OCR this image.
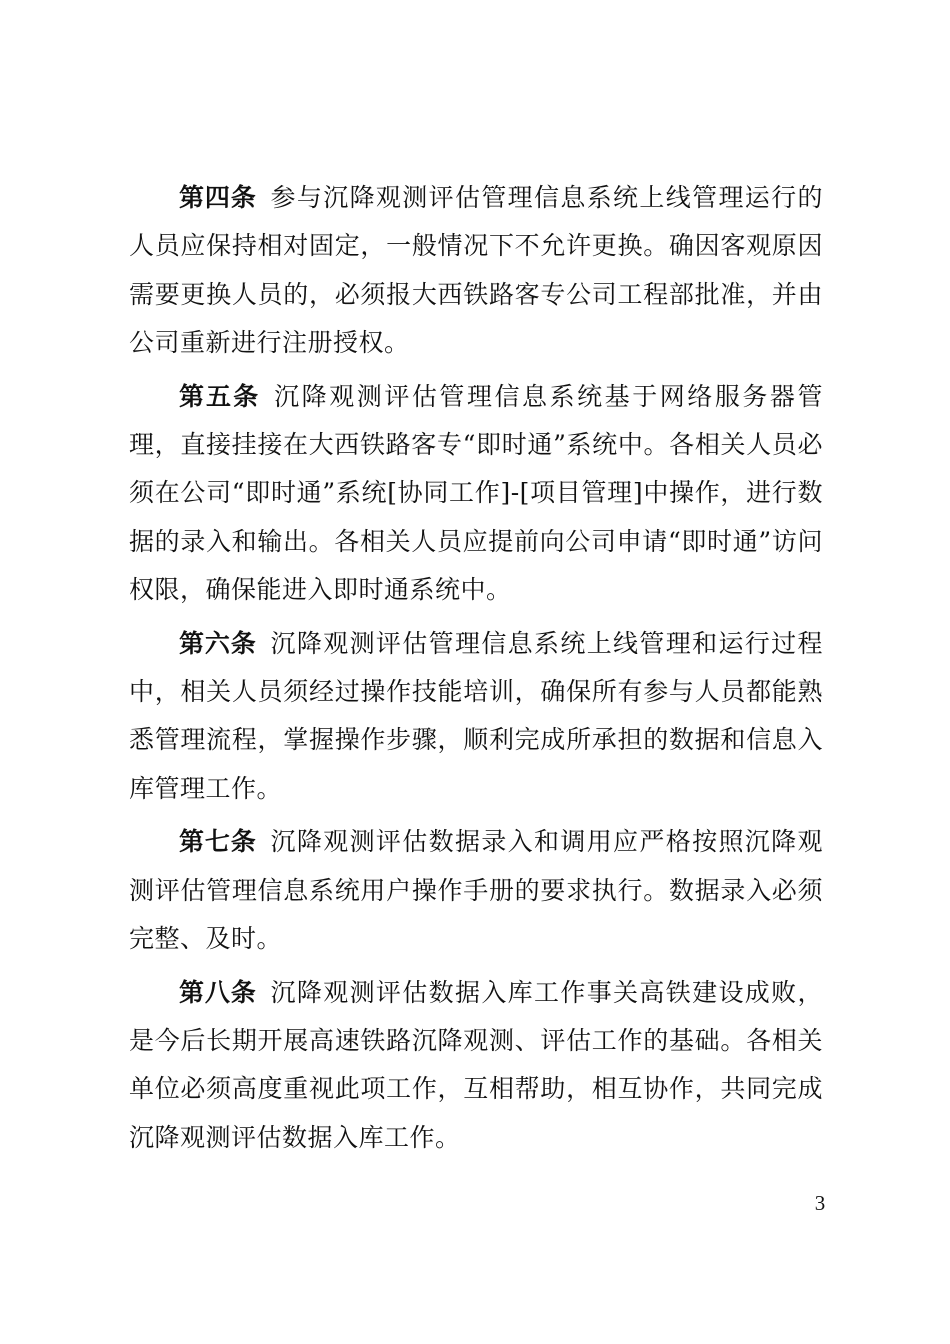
第四条 参与沉降观测评估管理信息系统上线管理运行的人员应保持相对固定，一般情况下不允许更换。确因客观原因需要更换人员的，必须报大西铁路客专公司工程部批准，并由公司重新进行注册授权。

第五条 沉降观测评估管理信息系统基于网络服务器管理，直接挂接在大西铁路客专“即时通”系统中。各相关人员必须在公司“即时通”系统[协同工作]-[项目管理]中操作，进行数据的录入和输出。各相关人员应提前向公司申请“即时通”访问权限，确保能进入即时通系统中。

第六条 沉降观测评估管理信息系统上线管理和运行过程中，相关人员须经过操作技能培训，确保所有参与人员都能熟悉管理流程，掌握操作步骤，顺利完成所承担的数据和信息入库管理工作。

第七条 沉降观测评估数据录入和调用应严格按照沉降观测评估管理信息系统用户操作手册的要求执行。数据录入必须完整、及时。

第八条 沉降观测评估数据入库工作事关高铁建设成败，是今后长期开展高速铁路沉降观测、评估工作的基础。各相关单位必须高度重视此项工作，互相帮助，相互协作，共同完成沉降观测评估数据入库工作。

3
